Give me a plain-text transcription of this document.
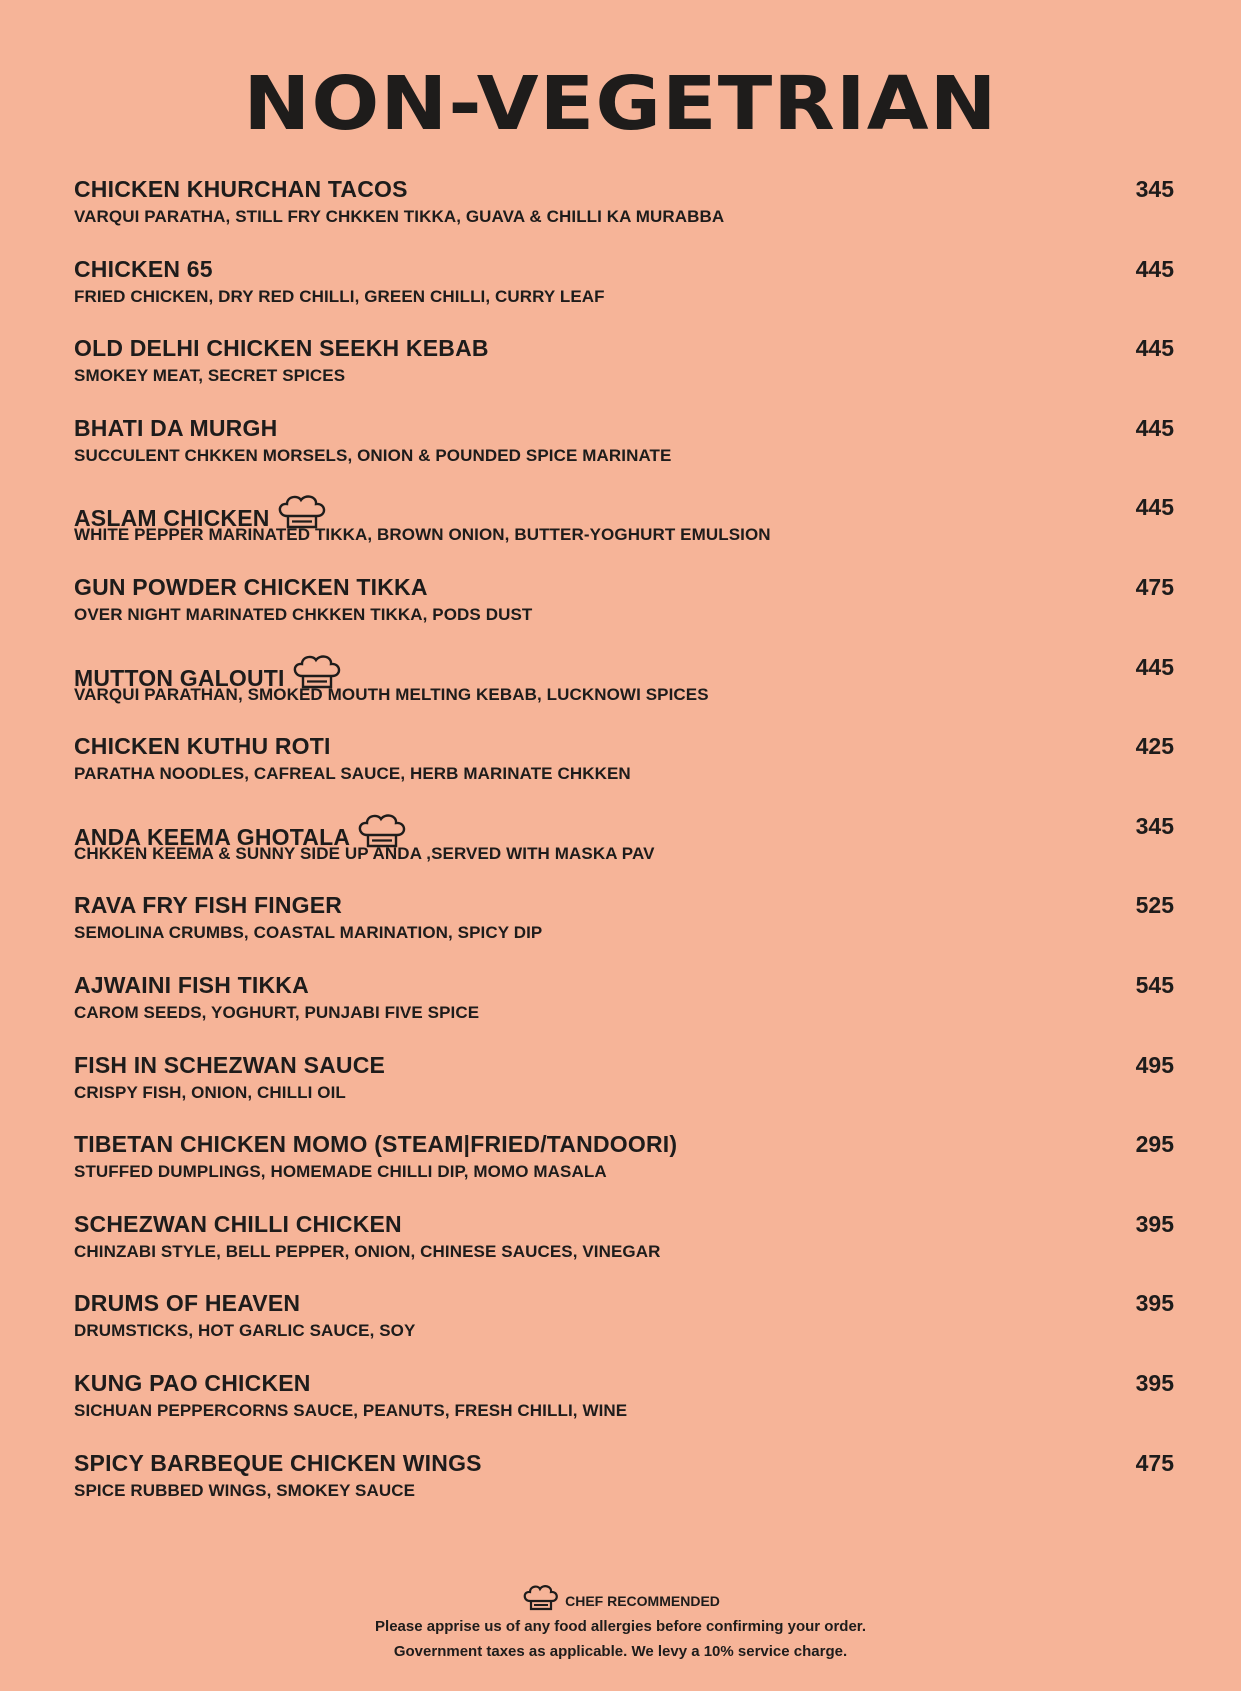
NON-VEGETRIAN
CHICKEN KHURCHAN TACOS	345
VARQUI PARATHA, STILL FRY CHKKEN TIKKA, GUAVA & CHILLI KA MURABBA
CHICKEN 65	445
FRIED CHICKEN, DRY RED CHILLI, GREEN CHILLI, CURRY LEAF
OLD DELHI CHICKEN SEEKH KEBAB	445
SMOKEY MEAT, SECRET SPICES
BHATI DA MURGH	445
SUCCULENT CHKKEN MORSELS, ONION & POUNDED SPICE MARINATE
ASLAM CHICKEN	445
WHITE PEPPER MARINATED TIKKA, BROWN ONION, BUTTER-YOGHURT EMULSION
GUN POWDER CHICKEN TIKKA	475
OVER NIGHT MARINATED CHKKEN TIKKA, PODS DUST
MUTTON GALOUTI	445
VARQUI PARATHAN, SMOKED MOUTH MELTING KEBAB, LUCKNOWI SPICES
CHICKEN KUTHU ROTI	425
PARATHA NOODLES, CAFREAL SAUCE, HERB MARINATE CHKKEN
ANDA KEEMA GHOTALA	345
CHKKEN KEEMA & SUNNY SIDE UP ANDA ,SERVED WITH MASKA PAV
RAVA FRY FISH FINGER	525
SEMOLINA CRUMBS, COASTAL MARINATION, SPICY DIP
AJWAINI FISH TIKKA	545
CAROM SEEDS, YOGHURT, PUNJABI FIVE SPICE
FISH IN SCHEZWAN SAUCE	495
CRISPY FISH, ONION, CHILLI OIL
TIBETAN CHICKEN MOMO (STEAM|FRIED/TANDOORI)	295
STUFFED DUMPLINGS, HOMEMADE CHILLI DIP, MOMO MASALA
SCHEZWAN CHILLI CHICKEN	395
CHINZABI STYLE, BELL PEPPER, ONION, CHINESE SAUCES, VINEGAR
DRUMS OF HEAVEN	395
DRUMSTICKS, HOT GARLIC SAUCE, SOY
KUNG PAO CHICKEN	395
SICHUAN PEPPERCORNS SAUCE, PEANUTS, FRESH CHILLI, WINE
SPICY BARBEQUE CHICKEN WINGS	475
SPICE RUBBED WINGS, SMOKEY SAUCE
CHEF RECOMMENDED
Please apprise us of any food allergies before confirming your order.
Government taxes as applicable. We levy a 10% service charge.
